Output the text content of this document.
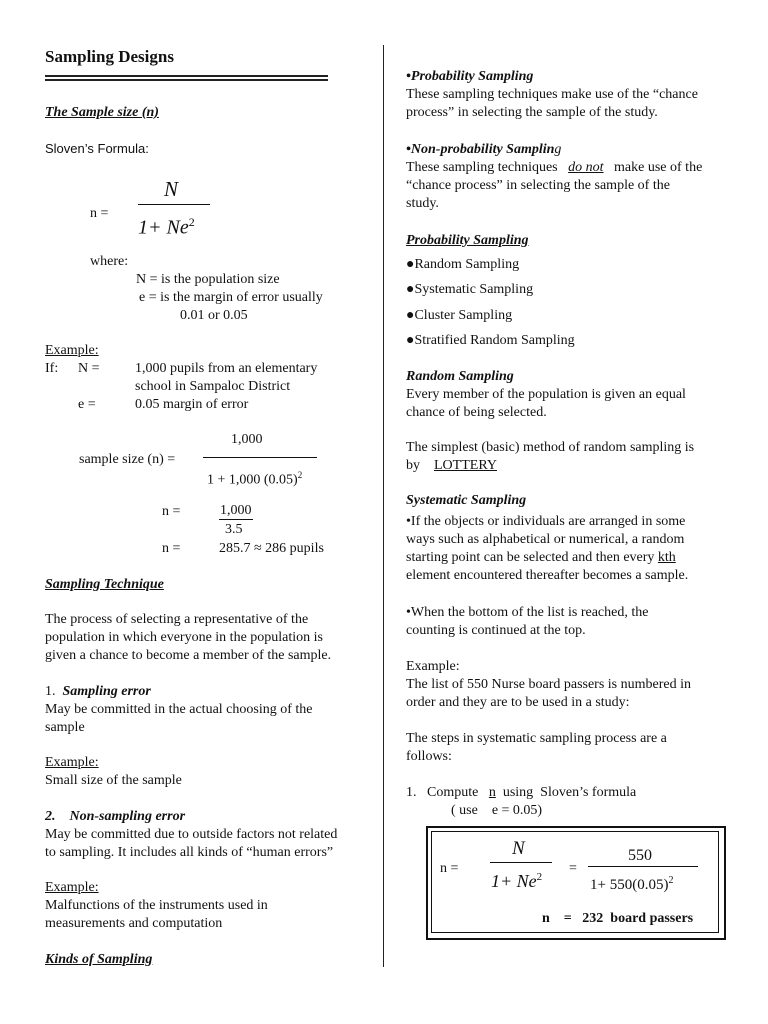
Sampling Designs
The Sample size (n)
Sloven’s Formula:
n =
N
$1+ Ne^2$
where:
N = is the population size
e = is the margin of error usually
0.01 or 0.05
Example:
If: N =	1,000 pupils from an elementary
school in Sampaloc District
e =	0.05 margin of error
1,000
sample size (n) =
1 + 1,000 $(0.05)^2$
n =	1,000
3.5
n =	285.7 ≈ 286 pupils
Sampling Technique
The process of selecting a representative of the
population in which everyone in the population is
given a chance to become a member of the sample.
1. Sampling error
May be committed in the actual choosing of the
sample
Example:
Small size of the sample
2. Non-sampling error
May be committed due to outside factors not related
to sampling. It includes all kinds of “human errors”
Example:
Malfunctions of the instruments used in
measurements and computation
Kinds of Sampling
•Probability Sampling
These sampling techniques make use of the “chance
process” in selecting the sample of the study.
•Non-probability Sampling
These sampling techniques do not make use of the
“chance process” in selecting the sample of the
study.
Probability Sampling
●Random Sampling
●Systematic Sampling
●Cluster Sampling
●Stratified Random Sampling
Random Sampling
Every member of the population is given an equal
chance of being selected.
The simplest (basic) method of random sampling is
by LOTTERY
Systematic Sampling
•If the objects or individuals are arranged in some
ways such as alphabetical or numerical, a random
starting point can be selected and then every kth
element encountered thereafter becomes a sample.
•When the bottom of the list is reached, the
counting is continued at the top.
Example:
The list of 550 Nurse board passers is numbered in
order and they are to be used in a study:
The steps in systematic sampling process are a
follows:
1.   Compute n using  Sloven’s formula
( use    e = 0.05)
n =
N
$1+ Ne^2$
=
550
$1+ 550(0.05)^2$
n = 232  board passers
